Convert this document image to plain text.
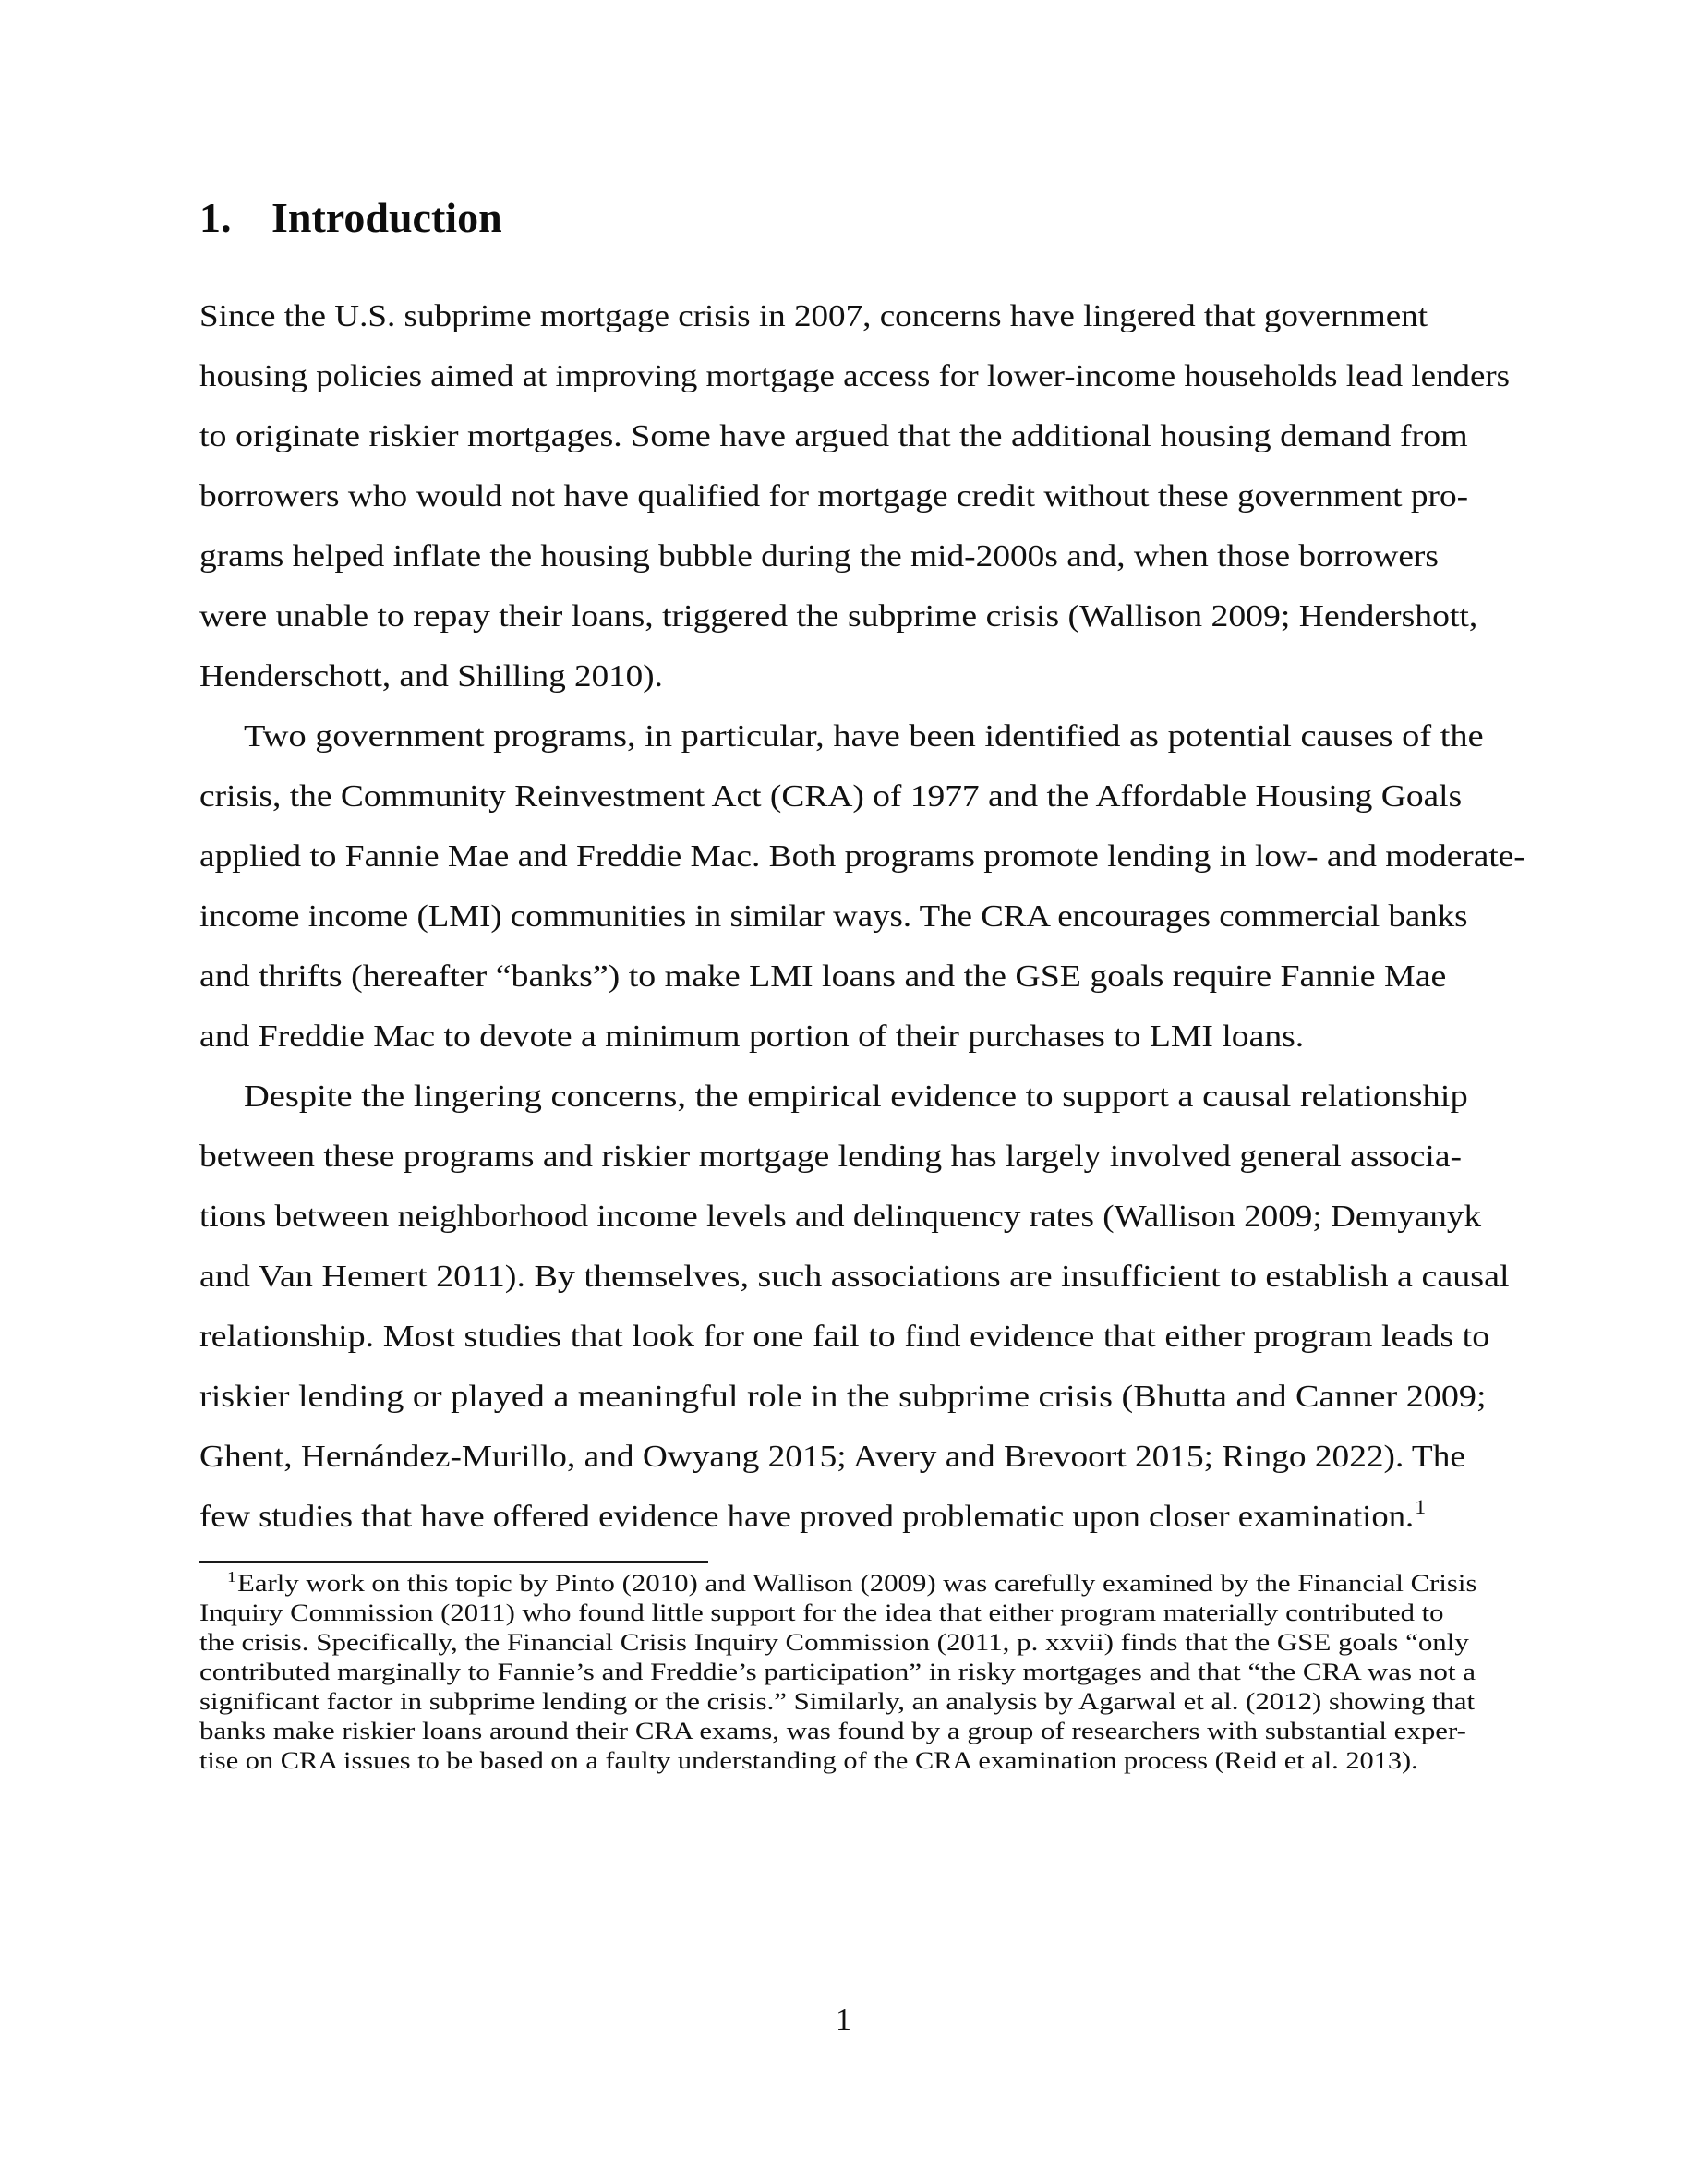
1. Introduction
Since the U.S. subprime mortgage crisis in 2007, concerns have lingered that government
housing policies aimed at improving mortgage access for lower-income households lead lenders
to originate riskier mortgages. Some have argued that the additional housing demand from
borrowers who would not have qualified for mortgage credit without these government pro-
grams helped inflate the housing bubble during the mid-2000s and, when those borrowers
were unable to repay their loans, triggered the subprime crisis (Wallison 2009; Hendershott,
Henderschott, and Shilling 2010).
Two government programs, in particular, have been identified as potential causes of the
crisis, the Community Reinvestment Act (CRA) of 1977 and the Affordable Housing Goals
applied to Fannie Mae and Freddie Mac. Both programs promote lending in low- and moderate-
income income (LMI) communities in similar ways. The CRA encourages commercial banks
and thrifts (hereafter “banks”) to make LMI loans and the GSE goals require Fannie Mae
and Freddie Mac to devote a minimum portion of their purchases to LMI loans.
Despite the lingering concerns, the empirical evidence to support a causal relationship
between these programs and riskier mortgage lending has largely involved general associa-
tions between neighborhood income levels and delinquency rates (Wallison 2009; Demyanyk
and Van Hemert 2011). By themselves, such associations are insufficient to establish a causal
relationship. Most studies that look for one fail to find evidence that either program leads to
riskier lending or played a meaningful role in the subprime crisis (Bhutta and Canner 2009;
Ghent, Hernández-Murillo, and Owyang 2015; Avery and Brevoort 2015; Ringo 2022). The
few studies that have offered evidence have proved problematic upon closer examination.$^1$
$^1$Early work on this topic by Pinto (2010) and Wallison (2009) was carefully examined by the Financial Crisis
Inquiry Commission (2011) who found little support for the idea that either program materially contributed to
the crisis. Specifically, the Financial Crisis Inquiry Commission (2011, p. xxvii) finds that the GSE goals “only
contributed marginally to Fannie’s and Freddie’s participation” in risky mortgages and that “the CRA was not a
significant factor in subprime lending or the crisis.” Similarly, an analysis by Agarwal et al. (2012) showing that
banks make riskier loans around their CRA exams, was found by a group of researchers with substantial exper-
tise on CRA issues to be based on a faulty understanding of the CRA examination process (Reid et al. 2013).
1
